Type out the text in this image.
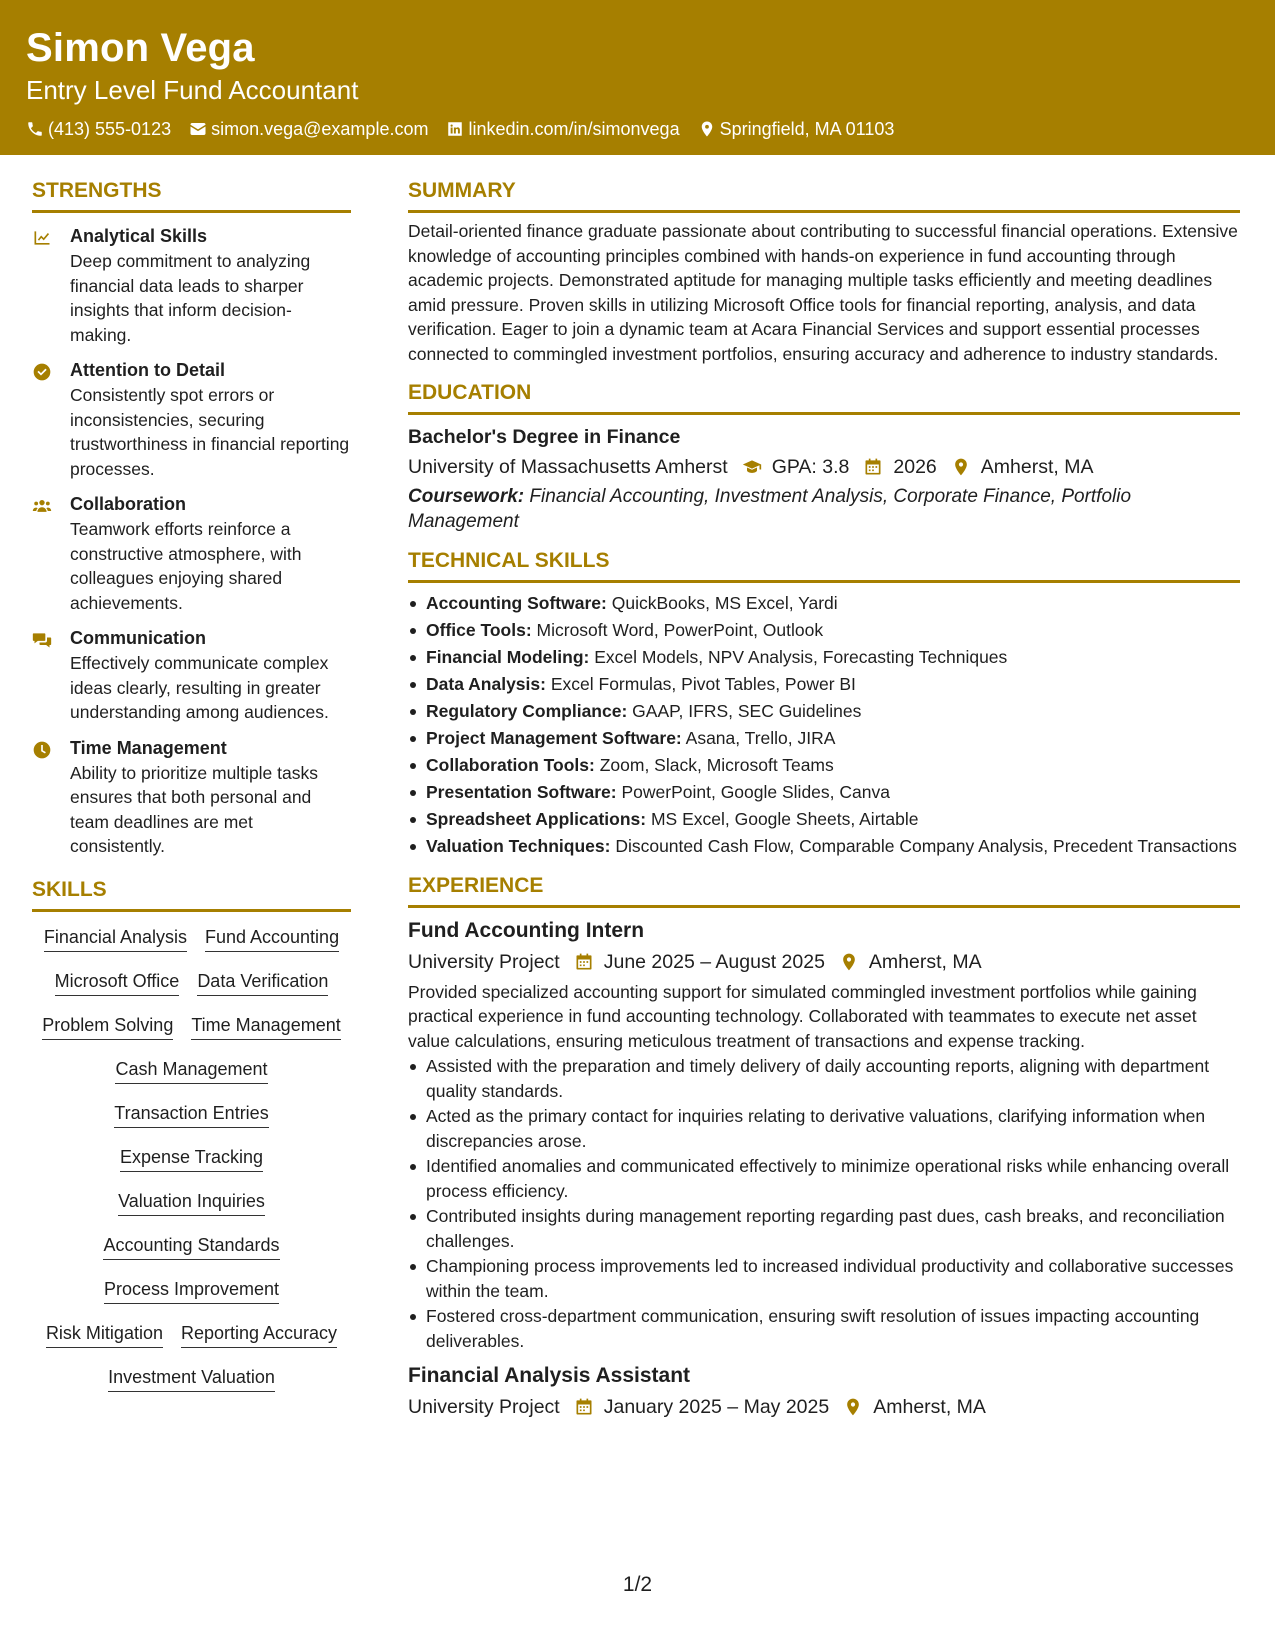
Simon Vega
Entry Level Fund Accountant
(413) 555-0123 simon.vega@example.com linkedin.com/in/simonvega Springfield, MA 01103
STRENGTHS
Analytical Skills
Deep commitment to analyzing financial data leads to sharper insights that inform decision-making.
Attention to Detail
Consistently spot errors or inconsistencies, securing trustworthiness in financial reporting processes.
Collaboration
Teamwork efforts reinforce a constructive atmosphere, with colleagues enjoying shared achievements.
Communication
Effectively communicate complex ideas clearly, resulting in greater understanding among audiences.
Time Management
Ability to prioritize multiple tasks ensures that both personal and team deadlines are met consistently.
SKILLS
Financial Analysis Fund Accounting
Microsoft Office Data Verification
Problem Solving Time Management
Cash Management
Transaction Entries
Expense Tracking
Valuation Inquiries
Accounting Standards
Process Improvement
Risk Mitigation Reporting Accuracy
Investment Valuation
SUMMARY
Detail-oriented finance graduate passionate about contributing to successful financial operations. Extensive knowledge of accounting principles combined with hands-on experience in fund accounting through academic projects. Demonstrated aptitude for managing multiple tasks efficiently and meeting deadlines amid pressure. Proven skills in utilizing Microsoft Office tools for financial reporting, analysis, and data verification. Eager to join a dynamic team at Acara Financial Services and support essential processes connected to commingled investment portfolios, ensuring accuracy and adherence to industry standards.
EDUCATION
Bachelor's Degree in Finance
University of Massachusetts Amherst GPA: 3.8 2026 Amherst, MA
Coursework: Financial Accounting, Investment Analysis, Corporate Finance, Portfolio Management
TECHNICAL SKILLS
Accounting Software: QuickBooks, MS Excel, Yardi
Office Tools: Microsoft Word, PowerPoint, Outlook
Financial Modeling: Excel Models, NPV Analysis, Forecasting Techniques
Data Analysis: Excel Formulas, Pivot Tables, Power BI
Regulatory Compliance: GAAP, IFRS, SEC Guidelines
Project Management Software: Asana, Trello, JIRA
Collaboration Tools: Zoom, Slack, Microsoft Teams
Presentation Software: PowerPoint, Google Slides, Canva
Spreadsheet Applications: MS Excel, Google Sheets, Airtable
Valuation Techniques: Discounted Cash Flow, Comparable Company Analysis, Precedent Transactions
EXPERIENCE
Fund Accounting Intern
University Project June 2025 – August 2025 Amherst, MA
Provided specialized accounting support for simulated commingled investment portfolios while gaining practical experience in fund accounting technology. Collaborated with teammates to execute net asset value calculations, ensuring meticulous treatment of transactions and expense tracking.
Assisted with the preparation and timely delivery of daily accounting reports, aligning with department quality standards.
Acted as the primary contact for inquiries relating to derivative valuations, clarifying information when discrepancies arose.
Identified anomalies and communicated effectively to minimize operational risks while enhancing overall process efficiency.
Contributed insights during management reporting regarding past dues, cash breaks, and reconciliation challenges.
Championing process improvements led to increased individual productivity and collaborative successes within the team.
Fostered cross-department communication, ensuring swift resolution of issues impacting accounting deliverables.
Financial Analysis Assistant
University Project January 2025 – May 2025 Amherst, MA
1/2
